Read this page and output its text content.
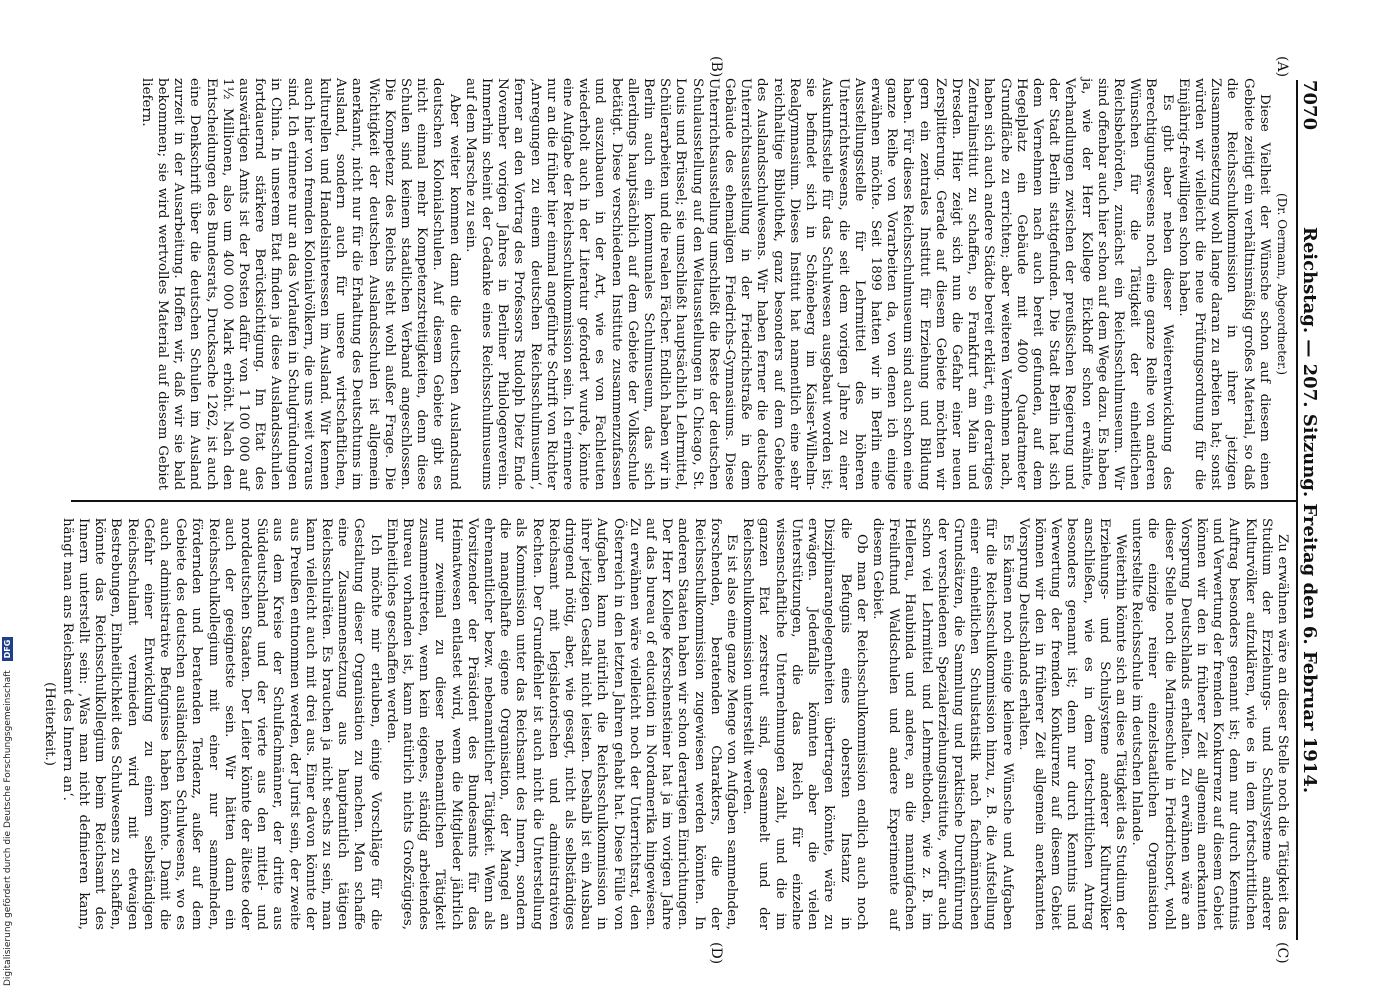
7070
Reichstag. — 207. Sitzung. Freitag den 6. Februar 1914.
(A)
(B)
(C)
(D)

(Dr. Oermann, Abgeordneter.)

Diese Vielheit der Wünsche schon auf diesem einen Gebiete zeitigt ein verhältnismäßig großes Material, so daß die Reichsschulkommission in ihrer jetzigen Zusammensetzung wohl lange daran zu arbeiten hat; sonst würden wir vielleicht die neue Prüfungsordnung für die Einjährig-freiwilligen schon haben.

Es gibt aber neben dieser Weiterentwicklung des Berechtigungswesens noch eine ganze Reihe von anderen Wünschen für die Tätigkeit der einheitlichen Reichsbehörden, zunächst ein Reichsschulmuseum. Wir sind offenbar auch hier schon auf dem Wege dazu. Es haben ja, wie der Herr Kollege Eickhoff schon erwähnte, Verhandlungen zwischen der preußischen Regierung und der Stadt Berlin stattgefunden. Die Stadt Berlin hat sich dem Vernehmen nach auch bereit gefunden, auf dem Hegelplatz ein Gebäude mit 4000 Quadratmeter Grundfläche zu errichten; aber weiteren Vernehmen nach, haben sich auch andere Städte bereit erklärt, ein derartiges Zentralinstitut zu schaffen, so Frankfurt am Main und Dresden. Hier zeigt sich nun die Gefahr einer neuen Zersplitterung. Gerade auf diesem Gebiete möchten wir gern ein zentrales Institut für Erziehung und Bildung haben. Für dieses Reichsschulmuseum sind auch schon eine ganze Reihe von Vorarbeiten da, von denen ich einige erwähnen möchte. Seit 1899 hatten wir in Berlin eine Ausstellungsstelle für Lehrmittel des höheren Unterrichtswesens, die seit dem vorigen Jahre zu einer Auskunftsstelle für das Schulwesen ausgebaut worden ist; sie befindet sich in Schöneberg im Kaiser-Wilhelm-Realgymnasium. Dieses Institut hat namentlich eine sehr reichhaltige Bibliothek, ganz besonders auf dem Gebiete des Auslandsschulwesens. Wir haben ferner die deutsche Unterrichtsausstellung in der Friedrichstraße in dem Gebäude des ehemaligen Friedrichs-Gymnasiums. Diese Unterrichtsausstellung umschließt die Reste der deutschen Schulausstellung auf den Weltausstellungen in Chicago, St. Louis und Brüssel; sie umschließt hauptsächlich Lehrmittel, Schülerarbeiten und die realen Fächer. Endlich haben wir in Berlin auch ein kommunales Schulmuseum, das sich allerdings hauptsächlich auf dem Gebiete der Volksschule betätigt. Diese verschiedenen Institute zusammenzufassen und auszubauen in der Art, wie es von Fachleuten wiederholt auch in der Literatur gefordert wurde, könnte eine Aufgabe der Reichsschulkommission sein. Ich erinnere nur an die früher hier einmal angeführte Schrift von Richter ‚Anregungen zu einem deutschen Reichsschulmuseum‘, ferner an den Vortrag des Professors Rudolph Dietz Ende November vorigen Jahres in Berliner Philologenverein. Immerhin scheint der Gedanke eines Reichsschulmuseums auf dem Marsche zu sein.

Aber weiter kommen dann die deutschen Auslandsund deutschen Kolonialschulen. Auf diesem Gebiete gibt es nicht einmal mehr Kompetenzstreitigkeiten, denn diese Schulen sind keinem staatlichen Verband angeschlossen. Die Kompetenz des Reichs steht wohl außer Frage. Die Wichtigkeit der deutschen Auslandsschulen ist allgemein anerkannt, nicht nur für die Erhaltung des Deutschtums im Ausland, sondern auch für unsere wirtschaftlichen, kulturellen und Handelsinteressen im Ausland. Wir kennen auch hier von fremden Kolonialvölkern, die uns weit voraus sind. Ich erinnere nur an das Vorlaufen in Schulgründungen in China. In unserem Etat finden ja diese Auslandsschulen fortdauernd stärkere Berücksichtigung. Im Etat des auswärtigen Amts ist der Posten dafür von 1 100 000 auf 1½ Millionen, also um 400 000 Mark erhöht. Nach den Entscheidungen des Bundesrats, Drucksache 1262, ist auch eine Denkschrift über die deutschen Schulen im Ausland zurzeit in der Ausarbeitung. Hoffen wir, daß wir sie bald bekommen; sie wird wertvolles Material auf diesem Gebiet liefern.

Zu erwähnen wäre an dieser Stelle noch die Tätigkeit das Studium der Erziehungs- und Schulsysteme anderer Kulturvölker aufzuklären, wie es in dem fortschrittlichen Auftrag besonders genannt ist; denn nur durch Kenntnis und Verwertung der fremden Konkurrenz auf diesem Gebiet können wir den in früherer Zeit allgemein anerkannten Vorsprung Deutschlands erhalten. Zu erwähnen wäre an dieser Stelle noch die Marineschule in Friedrichsort, wohl die einzige reiner einzelstaatlichen Organisation unterstellte Reichsschule im deutschen Inlande.

Weiterhin könnte sich an diese Tätigkeit das Studium der Erziehungs- und Schulsysteme anderer Kulturvölker anschließen, wie es in dem fortschrittlichen Antrag besonders genannt ist; denn nur durch Kenntnis und Verwertung der fremden Konkurrenz auf diesem Gebiet können wir den in früherer Zeit allgemein anerkannten Vorsprung Deutschlands erhalten.

Es kämen noch einige kleinere Wünsche und Aufgaben für die Reichsschulkommission hinzu, z. B. die Aufstellung einer einheitlichen Schulstatistik nach fachmännischen Grundsätzen, die Sammlung und praktische Durchführung der verschiedenen Spezialerziehungsinstitute, wofür auch schon viel Lehrmittel und Lehrmethoden, wie z. B. im Hellerau, Haubinda und andere, an die mannigfachen Freiluftund Waldschulen und andere Experimente auf diesem Gebiet.

Ob man der Reichsschulkommission endlich auch noch die Befugnis eines obersten Instanz in Disziplinarangelegenheiten übertragen könnte, wäre zu erwägen. Jedenfalls könnten aber die vielen Unterstützungen, die das Reich für einzelne wissenschaftliche Unternehmungen zahlt, und die im ganzen Etat zerstreut sind, gesammelt und der Reichsschulkommission unterstellt werden.

Es ist also eine ganze Menge von Aufgaben sammelnden, forschenden, beratenden Charakters, die der Reichsschulkommission zugewiesen werden könnten. In anderen Staaten haben wir schon derartigen Einrichtungen. Der Herr Kollege Kerschensteiner hat ja im vorigen Jahre auf das bureau of education in Nordamerika hingewiesen. Zu erwähnen wäre vielleicht noch der Unterrichtsrat, den Österreich in den letzten Jahren gehabt hat. Diese Fülle von Aufgaben kann natürlich die Reichsschulkommission in ihrer jetzigen Gestalt nicht leisten. Deshalb ist ein Ausbau dringend nötig, aber, wie gesagt, nicht als selbständiges Reichsamt mit legislatorischen und administrativen Rechten. Der Grundfehler ist auch nicht die Unterstellung als Kommission unter das Reichsamt des Innern, sondern die mangelhafte eigene Organisation, der Mangel an ehrenamtlicher bezw. nebenamtlicher Tätigkeit. Wenn als Vorsitzender der Präsident des Bundesamts für das Heimatwesen entlastet wird, wenn die Mitglieder jährlich nur zweimal zu dieser nebenamtlichen Tätigkeit zusammentreten, wenn kein eigenes, ständig arbeitendes Bureau vorhanden ist, kann natürlich nichts Großzügiges, Einheitliches geschaffen werden.

Ich möchte mir erlauben, einige Vorschläge für die Gestaltung dieser Organisation zu machen. Man schaffe eine Zusammensetzung aus hauptamtlich tätigen Reichsschulräten. Es brauchen ja nicht sechs zu sein, man kann vielleicht auch mit drei aus. Einer davon könnte der aus Preußen entnommen werden, der Jurist sein, der zweite aus dem Kreise der Schulfachmänner, der dritte aus Süddeutschland und der vierte aus den mittel- und norddeutschen Staaten. Der Leiter könnte der älteste oder auch der geeignetste sein. Wir hätten dann ein Reichsschulkollegium mit einer nur sammelnden, fördernden und beratenden Tendenz, außer auf dem Gebiete des deutschen ausländischen Schulwesens, wo es auch administrative Befugnisse haben könnte. Damit die Gefahr einer Entwicklung zu einem selbständigen Reichsschulamt vermieden wird mit etwaigen Bestrebungen, Einheitlichkeit des Schulwesens zu schaffen, könnte das Reichsschulkollegium beim Reichsamt des Innern unterstellt sein: ‚Was man nicht definieren kann, hängt man ans Reichsamt des Innern an‘.

(Heiterkeit.)

Digitalisierung gefördert durch die Deutsche Forschungsgemeinschaft DFG
